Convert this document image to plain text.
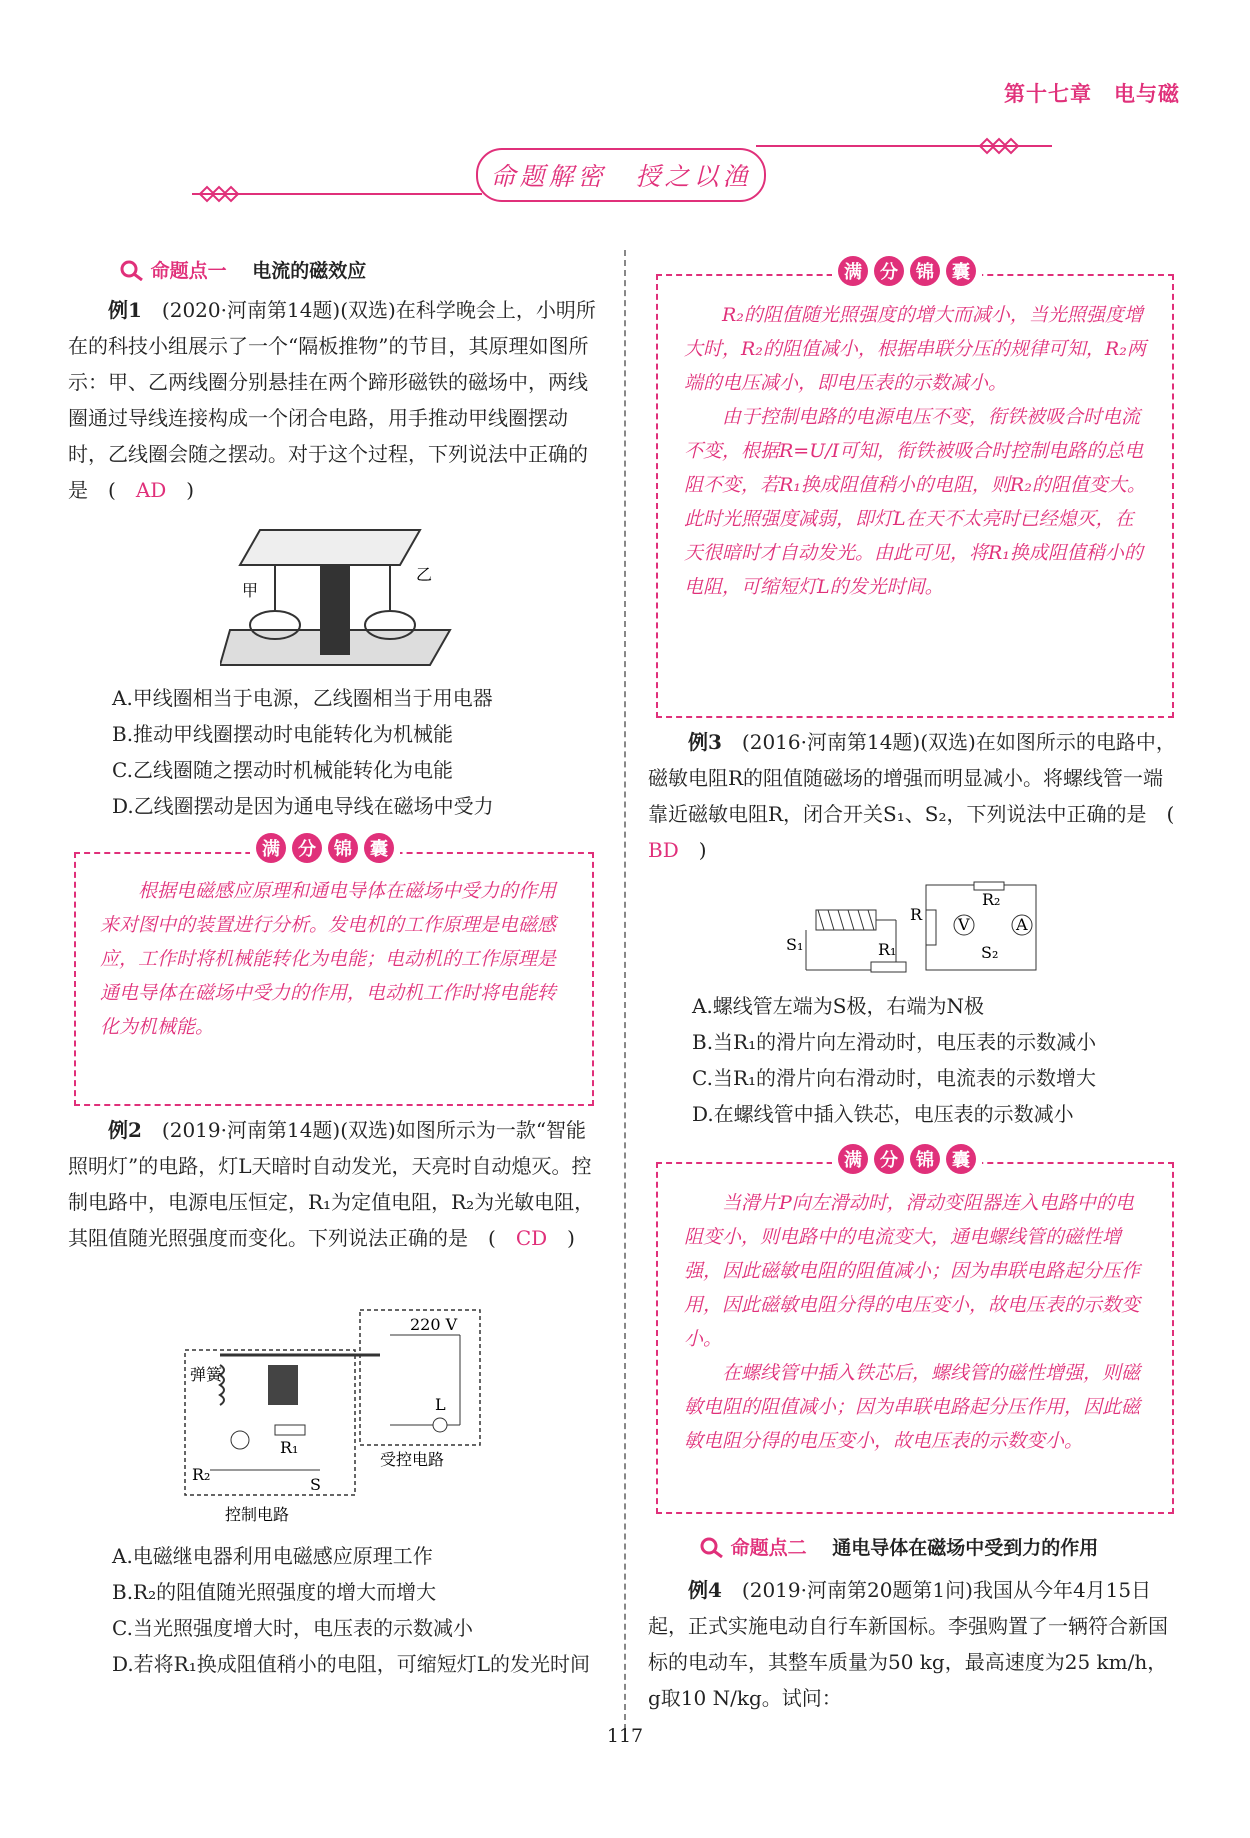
第十七章　 电与磁
命题解密　授之以渔
命题点一　 电流的磁效应

例1　 (2020·河南第14题)(双选)在科学晚会上，小明所在的科技小组展示了一个“隔板推物”的节目，其原理如图所示：甲、乙两线圈分别悬挂在两个蹄形磁铁的磁场中，两线圈通过导线连接构成一个闭合电路，用手推动甲线圈摆动时，乙线圈会随之摆动。对于这个过程，下列说法中正确的是　(　AD　)

甲
乙
A.甲线圈相当于电源，乙线圈相当于用电器
B.推动甲线圈摆动时电能转化为机械能
C.乙线圈随之摆动时机械能转化为电能
D.乙线圈摆动是因为通电导线在磁场中受力
满	分	锦	囊

根据电磁感应原理和通电导体在磁场中受力的作用来对图中的装置进行分析。发电机的工作原理是电磁感应，工作时将机械能转化为电能；电动机的工作原理是通电导体在磁场中受力的作用，电动机工作时将电能转化为机械能。

例2　 (2019·河南第14题)(双选)如图所示为一款“智能照明灯”的电路，灯L天暗时自动发光，天亮时自动熄灭。控制电路中，电源电压恒定，R₁为定值电阻，R₂为光敏电阻，其阻值随光照强度而变化。下列说法正确的是　(　CD　)

弹簧
220 V
L
R₁
R₂
S
受控电路
控制电路
A.电磁继电器利用电磁感应原理工作
B.R₂的阻值随光照强度的增大而增大
C.当光照强度增大时，电压表的示数减小
D.若将R₁换成阻值稍小的电阻，可缩短灯L的发光时间
满	分	锦	囊

R₂的阻值随光照强度的增大而减小，当光照强度增大时，R₂的阻值减小，根据串联分压的规律可知，R₂两端的电压减小，即电压表的示数减小。

由于控制电路的电源电压不变，衔铁被吸合时电流不变，根据R=U/I可知，衔铁被吸合时控制电路的总电阻不变，若R₁换成阻值稍小的电阻，则R₂的阻值变大。此时光照强度减弱，即灯L在天不太亮时已经熄灭，在天很暗时才自动发光。由此可见，将R₁换成阻值稍小的电阻，可缩短灯L的发光时间。

例3　 (2016·河南第14题)(双选)在如图所示的电路中，磁敏电阻R的阻值随磁场的增强而明显减小。将螺线管一端靠近磁敏电阻R，闭合开关S₁、S₂，下列说法中正确的是　(　BD　)

S₁	R₁
R
R₂
V	A
S₂
A.螺线管左端为S极，右端为N极
B.当R₁的滑片向左滑动时，电压表的示数减小
C.当R₁的滑片向右滑动时，电流表的示数增大
D.在螺线管中插入铁芯，电压表的示数减小
满	分	锦	囊

当滑片P向左滑动时，滑动变阻器连入电路中的电阻变小，则电路中的电流变大，通电螺线管的磁性增强，因此磁敏电阻的阻值减小；因为串联电路起分压作用，因此磁敏电阻分得的电压变小，故电压表的示数变小。

在螺线管中插入铁芯后，螺线管的磁性增强，则磁敏电阻的阻值减小；因为串联电路起分压作用，因此磁敏电阻分得的电压变小，故电压表的示数变小。

命题点二　 通电导体在磁场中受到力的作用

例4　 (2019·河南第20题第1问)我国从今年4月15日起，正式实施电动自行车新国标。李强购置了一辆符合新国标的电动车，其整车质量为50 kg，最高速度为25 km/h，g取10 N/kg。试问：

117
